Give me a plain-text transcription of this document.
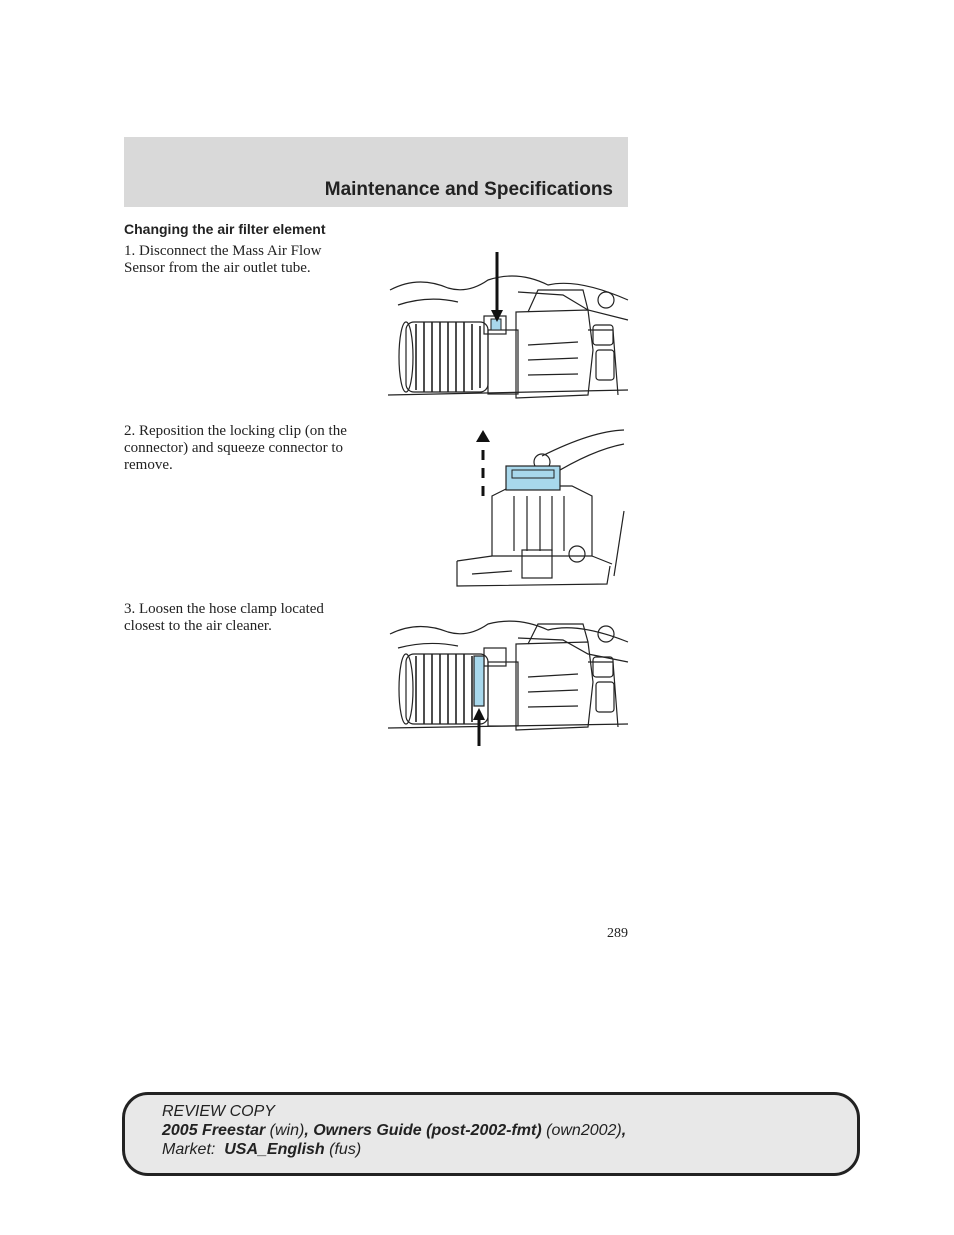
Maintenance and Specifications
Changing the air filter element
1. Disconnect the Mass Air Flow Sensor from the air outlet tube.
2. Reposition the locking clip (on the connector) and squeeze connector to remove.
3. Loosen the hose clamp located closest to the air cleaner.
289
REVIEW COPY
2005 Freestar (win), Owners Guide (post-2002-fmt) (own2002),
Market: USA_English (fus)
